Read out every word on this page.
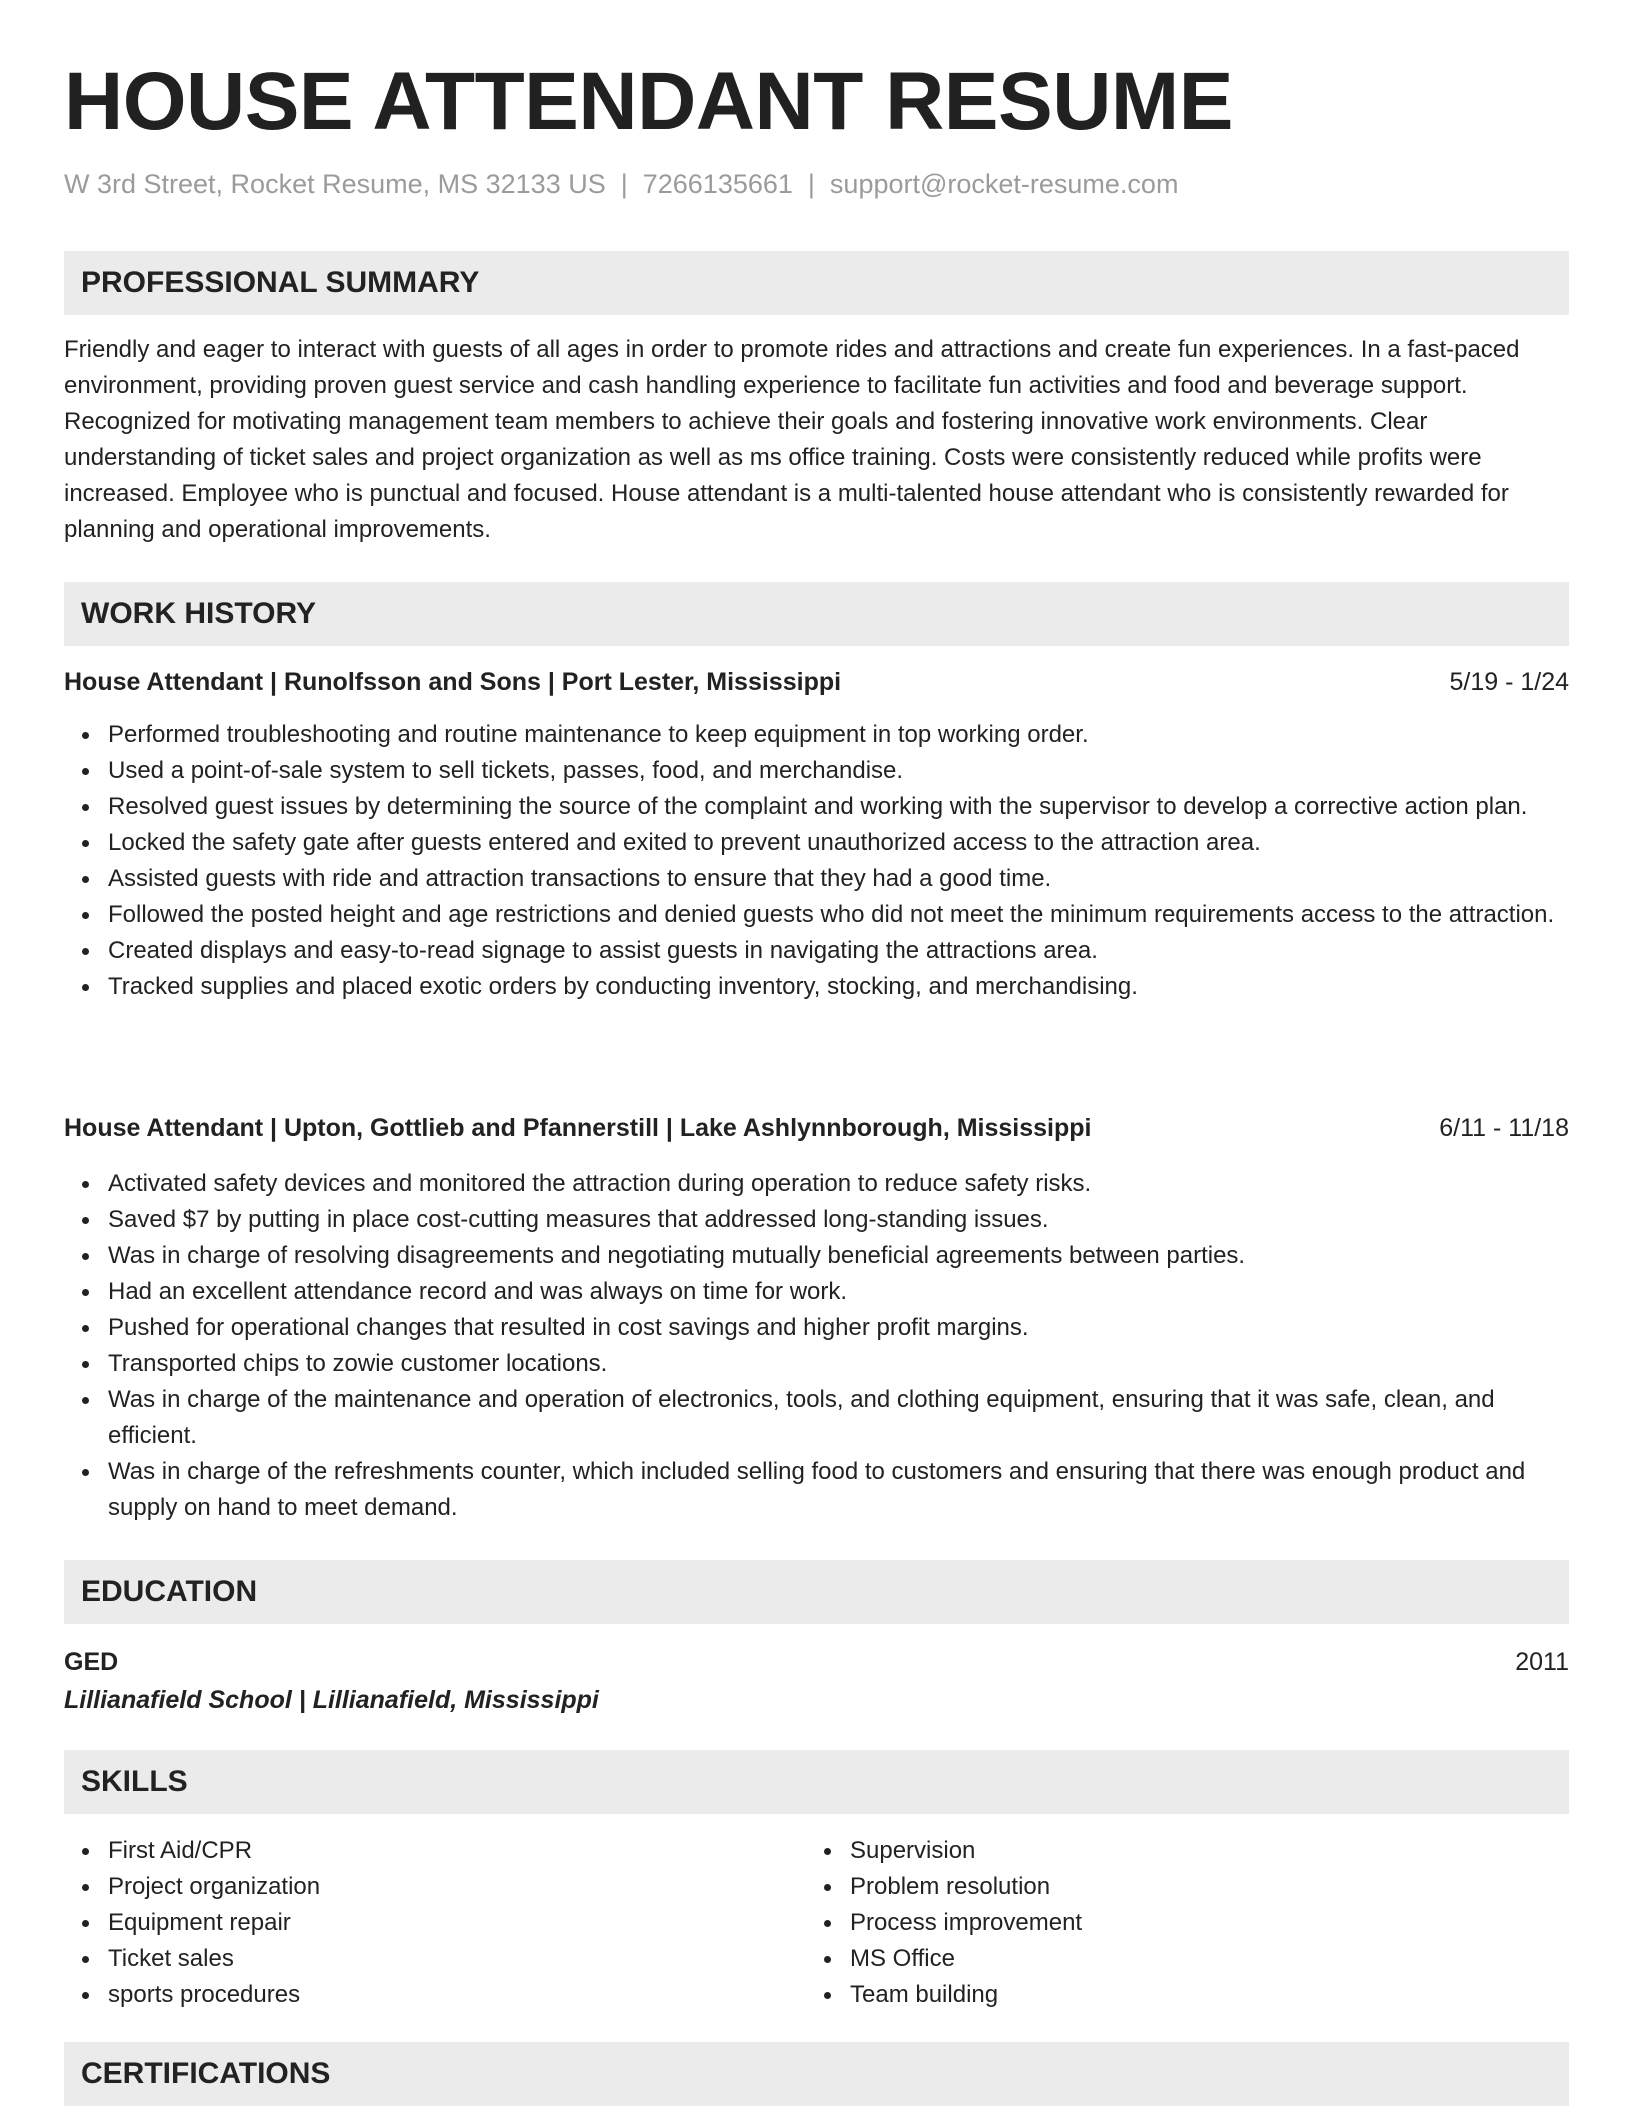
HOUSE ATTENDANT RESUME
W 3rd Street, Rocket Resume, MS 32133 US | 7266135661 | support@rocket-resume.com
PROFESSIONAL SUMMARY

Friendly and eager to interact with guests of all ages in order to promote rides and attractions and create fun experiences. In a fast-paced environment, providing proven guest service and cash handling experience to facilitate fun activities and food and beverage support. Recognized for motivating management team members to achieve their goals and fostering innovative work environments. Clear understanding of ticket sales and project organization as well as ms office training. Costs were consistently reduced while profits were increased. Employee who is punctual and focused. House attendant is a multi-talented house attendant who is consistently rewarded for planning and operational improvements.

WORK HISTORY
House Attendant | Runolfsson and Sons | Port Lester, Mississippi	5/19 - 1/24
Performed troubleshooting and routine maintenance to keep equipment in top working order.
Used a point-of-sale system to sell tickets, passes, food, and merchandise.
Resolved guest issues by determining the source of the complaint and working with the supervisor to develop a corrective action plan.
Locked the safety gate after guests entered and exited to prevent unauthorized access to the attraction area.
Assisted guests with ride and attraction transactions to ensure that they had a good time.
Followed the posted height and age restrictions and denied guests who did not meet the minimum requirements access to the attraction.
Created displays and easy-to-read signage to assist guests in navigating the attractions area.
Tracked supplies and placed exotic orders by conducting inventory, stocking, and merchandising.
House Attendant | Upton, Gottlieb and Pfannerstill | Lake Ashlynnborough, Mississippi	6/11 - 11/18
Activated safety devices and monitored the attraction during operation to reduce safety risks.
Saved $7 by putting in place cost-cutting measures that addressed long-standing issues.
Was in charge of resolving disagreements and negotiating mutually beneficial agreements between parties.
Had an excellent attendance record and was always on time for work.
Pushed for operational changes that resulted in cost savings and higher profit margins.
Transported chips to zowie customer locations.
Was in charge of the maintenance and operation of electronics, tools, and clothing equipment, ensuring that it was safe, clean, and efficient.
Was in charge of the refreshments counter, which included selling food to customers and ensuring that there was enough product and supply on hand to meet demand.
EDUCATION
GED	2011
Lillianafield School | Lillianafield, Mississippi
SKILLS
First Aid/CPR
Project organization
Equipment repair
Ticket sales
sports procedures
Supervision
Problem resolution
Process improvement
MS Office
Team building
CERTIFICATIONS
